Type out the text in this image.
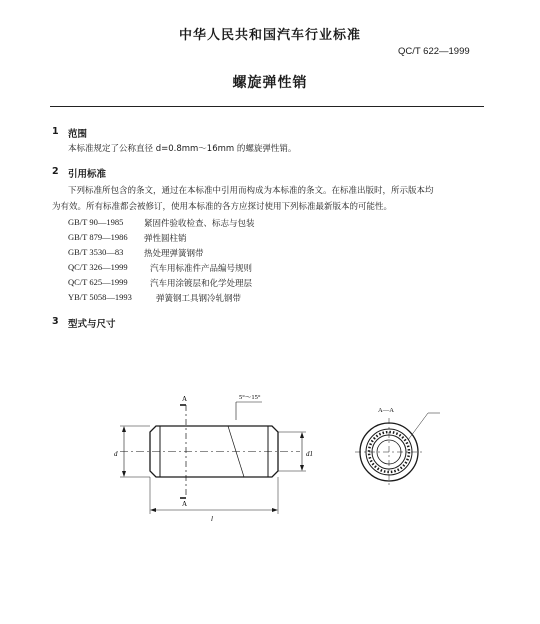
中华人民共和国汽车行业标准
QC/T 622—1999
螺旋弹性销
1 范围
本标准规定了公称直径 d=0.8mm～16mm 的螺旋弹性销。
2 引用标准
下列标准所包含的条文，通过在本标准中引用而构成为本标准的条文。在标准出版时，所示版本均
为有效。所有标准都会被修订，使用本标准的各方应探讨使用下列标准最新版本的可能性。
GB/T 90—1985 紧固件验收检查、标志与包装
GB/T 879—1986 弹性圆柱销
GB/T 3530—83 热处理弹簧钢带
QC/T 326—1999	汽车用标准件产品编号规则
QC/T 625—1999	汽车用涂镀层和化学处理层
YB/T 5058—1993	弹簧钢工具钢冷轧钢带
3 型式与尺寸
A
A
5°～15°
l
d	d1
A—A
